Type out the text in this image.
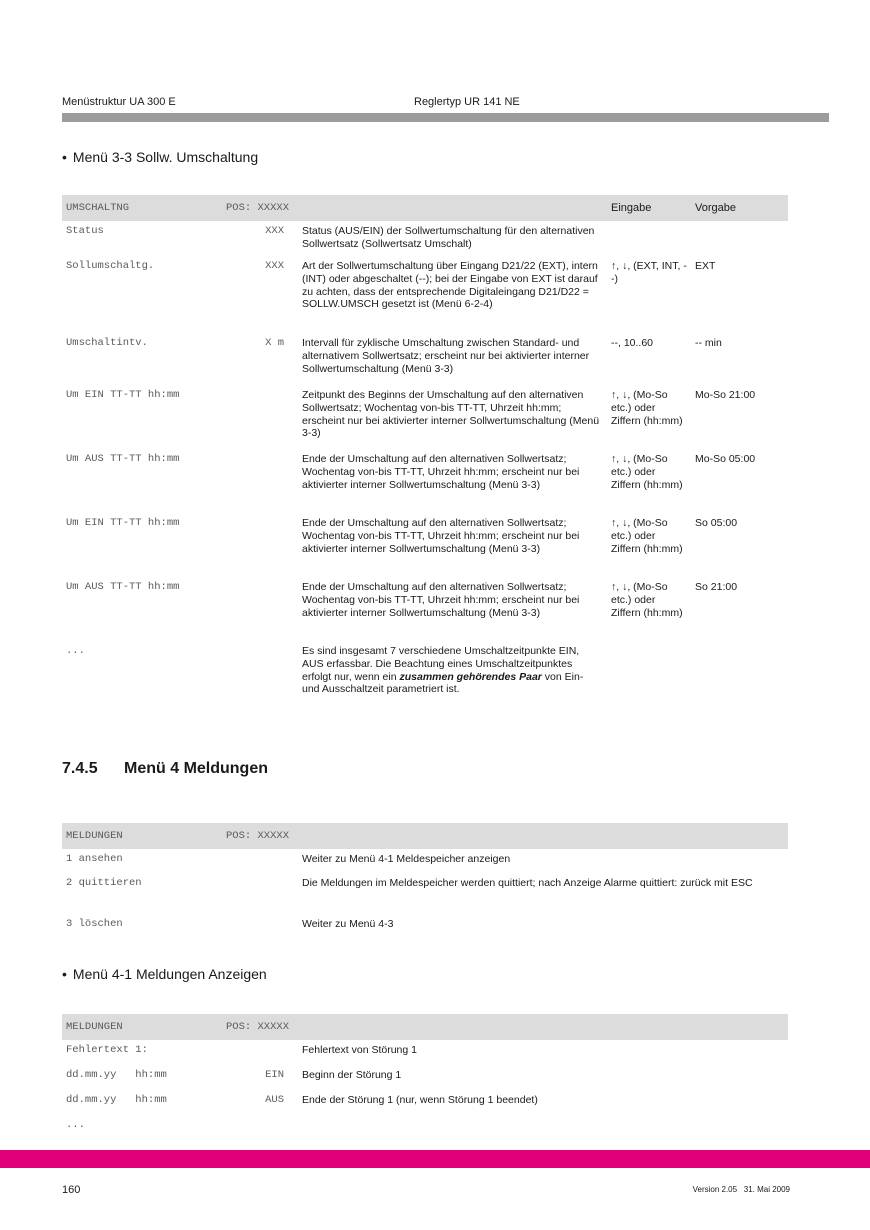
Menüstruktur UA 300 E	Reglertyp UR 141 NE
• Menü 3-3 Sollw. Umschaltung
UMSCHALTNG	POS: XXXXX		Eingabe	Vorgabe
Status	XXX	Status (AUS/EIN) der Sollwertumschaltung für den alternativen Sollwertsatz (Sollwertsatz Umschalt)		
Sollumschaltg.	XXX	Art der Sollwertumschaltung über Eingang D21/22 (EXT), intern (INT) oder abgeschaltet (--); bei der Eingabe von EXT ist darauf zu achten, dass der entsprechende Digitaleingang D21/D22 = SOLLW.UMSCH gesetzt ist (Menü 6-2-4)	↑, ↓, (EXT, INT, --)	EXT
Umschaltintv.	X m	Intervall für zyklische Umschaltung zwischen Standard- und alternativem Sollwertsatz; erscheint nur bei aktivierter interner Sollwertumschaltung (Menü 3-3)	--, 10..60	-- min
Um EIN TT-TT hh:mm		Zeitpunkt des Beginns der Umschaltung auf den alternativen Sollwertsatz; Wochentag von-bis TT-TT, Uhrzeit hh:mm; erscheint nur bei aktivierter interner Sollwertumschaltung (Menü 3-3)	↑, ↓, (Mo-So etc.) oder Ziffern (hh:mm)	Mo-So 21:00
Um AUS TT-TT hh:mm		Ende der Umschaltung auf den alternativen Sollwertsatz; Wochentag von-bis TT-TT, Uhrzeit hh:mm; erscheint nur bei aktivierter interner Sollwertumschaltung (Menü 3-3)	↑, ↓, (Mo-So etc.) oder Ziffern (hh:mm)	Mo-So 05:00
Um EIN TT-TT hh:mm		Ende der Umschaltung auf den alternativen Sollwertsatz; Wochentag von-bis TT-TT, Uhrzeit hh:mm; erscheint nur bei aktivierter interner Sollwertumschaltung (Menü 3-3)	↑, ↓, (Mo-So etc.) oder Ziffern (hh:mm)	So 05:00
Um AUS TT-TT hh:mm		Ende der Umschaltung auf den alternativen Sollwertsatz; Wochentag von-bis TT-TT, Uhrzeit hh:mm; erscheint nur bei aktivierter interner Sollwertumschaltung (Menü 3-3)	↑, ↓, (Mo-So etc.) oder Ziffern (hh:mm)	So 21:00
...		Es sind insgesamt 7 verschiedene Umschaltzeitpunkte EIN, AUS erfassbar. Die Beachtung eines Umschaltzeitpunktes erfolgt nur, wenn ein zusammen gehörendes Paar von Ein- und Ausschaltzeit parametriert ist.		
7.4.5 Menü 4 Meldungen
MELDUNGEN	POS: XXXXX	
1 ansehen		Weiter zu Menü 4-1 Meldespeicher anzeigen
2 quittieren		Die Meldungen im Meldespeicher werden quittiert; nach Anzeige Alarme quittiert: zurück mit ESC
3 löschen		Weiter zu Menü 4-3
• Menü 4-1 Meldungen Anzeigen
MELDUNGEN	POS: XXXXX	
Fehlertext 1:		Fehlertext von Störung 1
dd.mm.yy   hh:mm	EIN	Beginn der Störung 1
dd.mm.yy   hh:mm	AUS	Ende der Störung 1 (nur, wenn Störung 1 beendet)
...		
160	Version 2.05   31. Mai 2009
